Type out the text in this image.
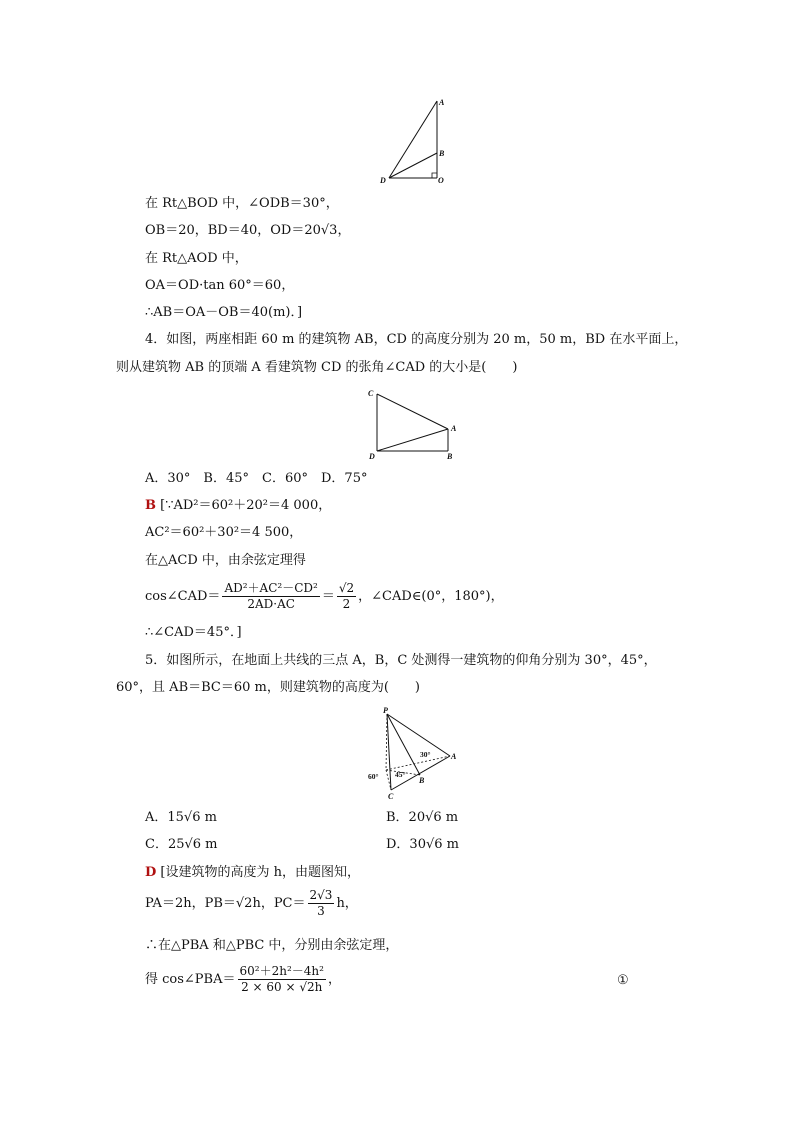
A
B
D	O
在 Rt△BOD 中，∠ODB＝30°，
OB＝20，BD＝40，OD＝20√3，
在 Rt△AOD 中，
OA＝OD·tan 60°＝60，
∴AB＝OA－OB＝40(m)．]
4．如图，两座相距 60 m 的建筑物 AB，CD 的高度分别为 20 m，50 m，BD 在水平面上，
则从建筑物 AB 的顶端 A 看建筑物 CD 的张角∠CAD 的大小是(　　)
C
A
D	B
A．30°　B．45°　C．60°　D．75°
B [∵AD²＝60²＋20²＝4 000，
AC²＝60²＋30²＝4 500，
在△ACD 中，由余弦定理得
cos∠CAD＝ $\frac{\text{AD²＋AC²－CD²}}{2AD\cdot AC} = \frac{√2}{2}$ ，∠CAD∈(0°，180°)，
∴∠CAD＝45°．]
5．如图所示，在地面上共线的三点 A，B，C 处测得一建筑物的仰角分别为 30°，45°，
60°，且 AB＝BC＝60 m，则建筑物的高度为(　　)
P
A
B
C
30°
45°
60°
A．15√6 m	B．20√6 m
C．25√6 m	D．30√6 m
D [设建筑物的高度为 h，由题图知，
PA＝2h，PB＝√2h，$PC= \frac{2√3}{3}$ h，
∴在△PBA 和△PBC 中，分别由余弦定理，
得 cos∠PBA＝ $\frac{\text{60²＋2h²－4h²}}{2 \times 60 \times √2h}$ ，	①
